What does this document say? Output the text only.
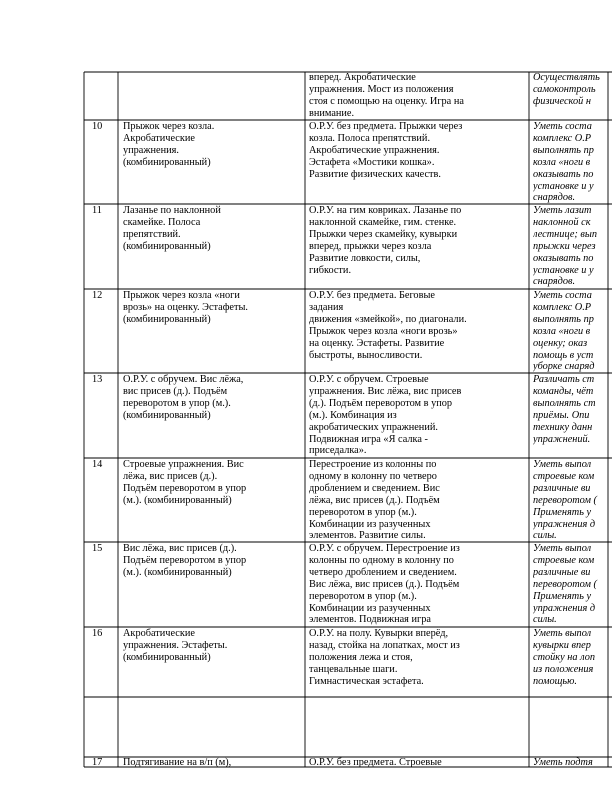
вперед. Акробатические
упражнения. Мост из положения
стоя с помощью на оценку. Игра на
внимание.
Осуществлять
самоконтроль
физической н
10 Прыжок через козла.
Акробатические
упражнения.
(комбинированный)
О.Р.У. без предмета. Прыжки через
козла. Полоса препятствий.
Акробатические упражнения.
Эстафета «Мостики кошка».
Развитие физических качеств.
Уметь соста
комплекс О.Р
выполнять пр
козла «ноги в
оказывать по
установке и у
снарядов.
11 Лазанье по наклонной
скамейке. Полоса
препятствий.
(комбинированный)
О.Р.У. на гим ковриках. Лазанье по
наклонной скамейке, гим. стенке.
Прыжки через скамейку, кувырки
вперед, прыжки через козла
Развитие ловкости, силы,
гибкости.
Уметь лазит
наклонной ск
лестнице; вып
прыжки через
оказывать по
установке и у
снарядов.
12 Прыжок через козла «ноги
врозь» на оценку. Эстафеты.
(комбинированный)
О.Р.У. без предмета. Беговые
задания
движения «змейкой», по диагонали.
Прыжок через козла «ноги врозь»
на оценку. Эстафеты. Развитие
быстроты, выносливости.
Уметь соста
комплекс О.Р
выполнять пр
козла «ноги в
оценку; оказ
помощь в уст
уборке снаряд
13 О.Р.У. с обручем. Вис лёжа,
вис присев (д.). Подъём
переворотом в упор (м.).
(комбинированный)
О.Р.У. с обручем. Строевые
упражнения. Вис лёжа, вис присев
(д.). Подъём переворотом в упор
(м.). Комбинация из
акробатических упражнений.
Подвижная игра «Я салка -
приседалка».
Различать ст
команды, чёт
выполнять ст
приёмы. Опи
технику данн
упражнений.
14 Строевые упражнения. Вис
лёжа, вис присев (д.).
Подъём переворотом в упор
(м.). (комбинированный)
Перестроение из колонны по
одному в колонну по четверо
дроблением и сведением. Вис
лёжа, вис присев (д.). Подъём
переворотом в упор (м.).
Комбинации из разученных
элементов. Развитие силы.
Уметь выпол
строевые ком
различные ви
переворотом (
Применять у
упражнения д
силы.
15 Вис лёжа, вис присев (д.).
Подъём переворотом в упор
(м.). (комбинированный)
О.Р.У. с обручем. Перестроение из
колонны по одному в колонну по
четверо дроблением и сведением.
Вис лёжа, вис присев (д.). Подъём
переворотом в упор (м.).
Комбинации из разученных
элементов. Подвижная игра

Уметь выпол
строевые ком
различные ви
переворотом (
Применять у
упражнения д
силы.
16 Акробатические
упражнения. Эстафеты.
(комбинированный)
О.Р.У. на полу. Кувырки вперёд,
назад, стойка на лопатках, мост из
положения лежа и стоя,
танцевальные шаги.
Гимнастическая эстафета.
Уметь выпол
кувырки впер
стойку на лоп
из положения
помощью.
17 Подтягивание на в/п (м),	О.Р.У. без предмета. Строевые	Уметь подтя
